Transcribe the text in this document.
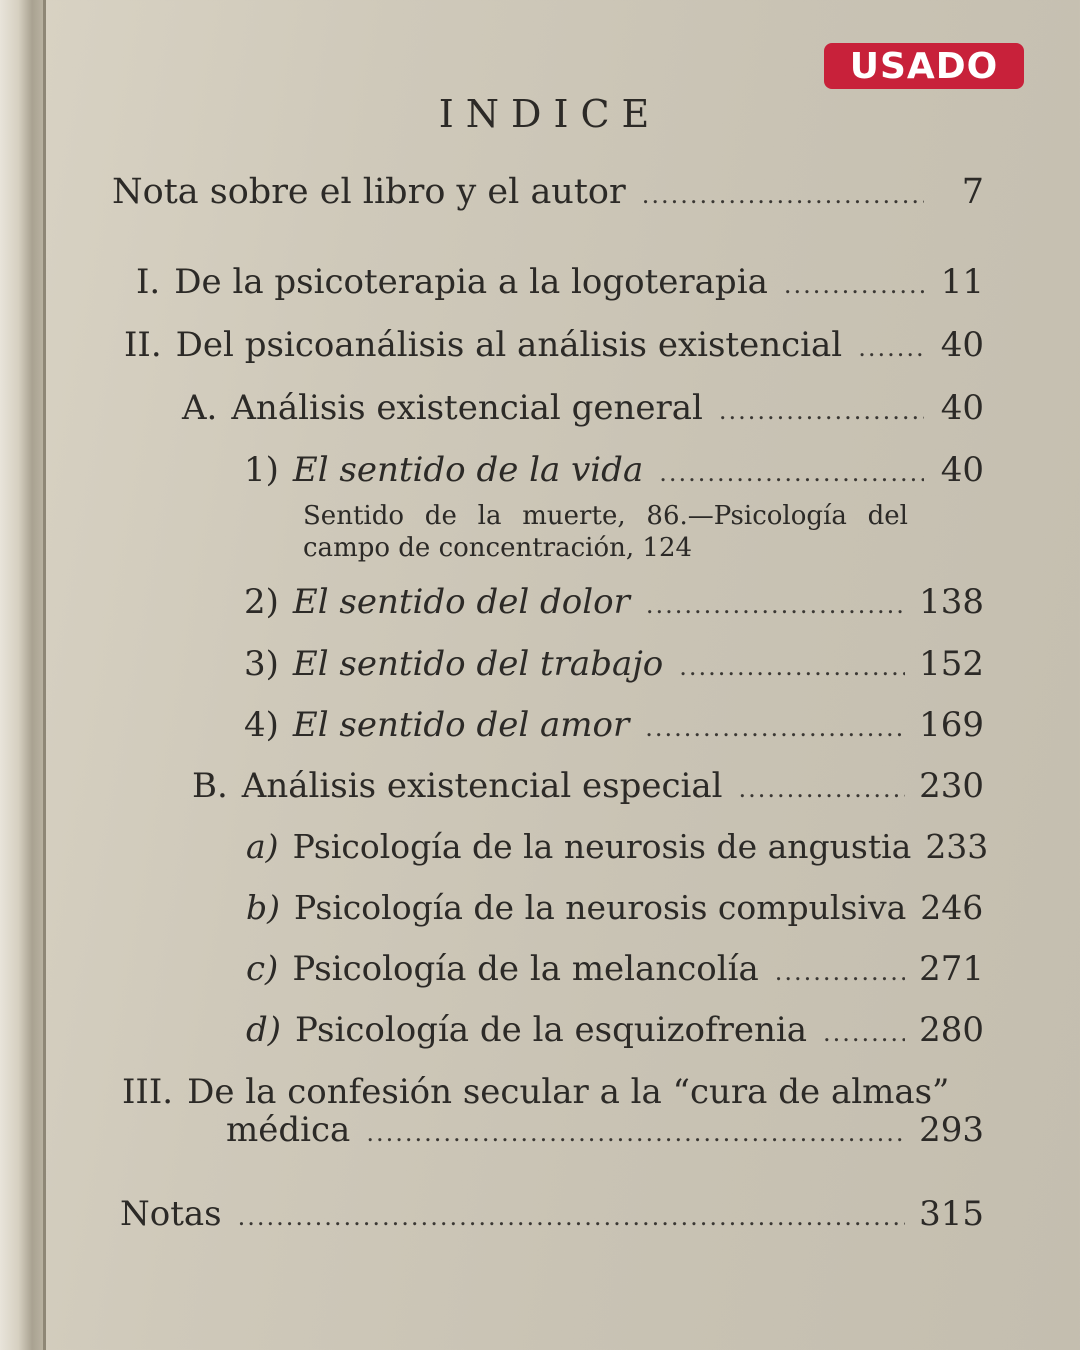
USADO
INDICE
Nota sobre el libro y el autor .....	7
I. De la psicoterapia a la logoterapia .....	11
II. Del psicoanálisis al análisis existencial .....	40
A. Análisis existencial general .....	40
1) El sentido de la vida .....	40
Sentido de la muerte, 86.—Psicología del
campo de concentración, 124
2) El sentido del dolor .....	138
3) El sentido del trabajo .....	152
4) El sentido del amor .....	169
B. Análisis existencial especial .....	230
a) Psicología de la neurosis de angustia 233
b) Psicología de la neurosis compulsiva 246
c) Psicología de la melancolía .....	271
d) Psicología de la esquizofrenia .....	280
III. De la confesión secular a la “cura de almas”
médica .....	293
Notas .....	315
